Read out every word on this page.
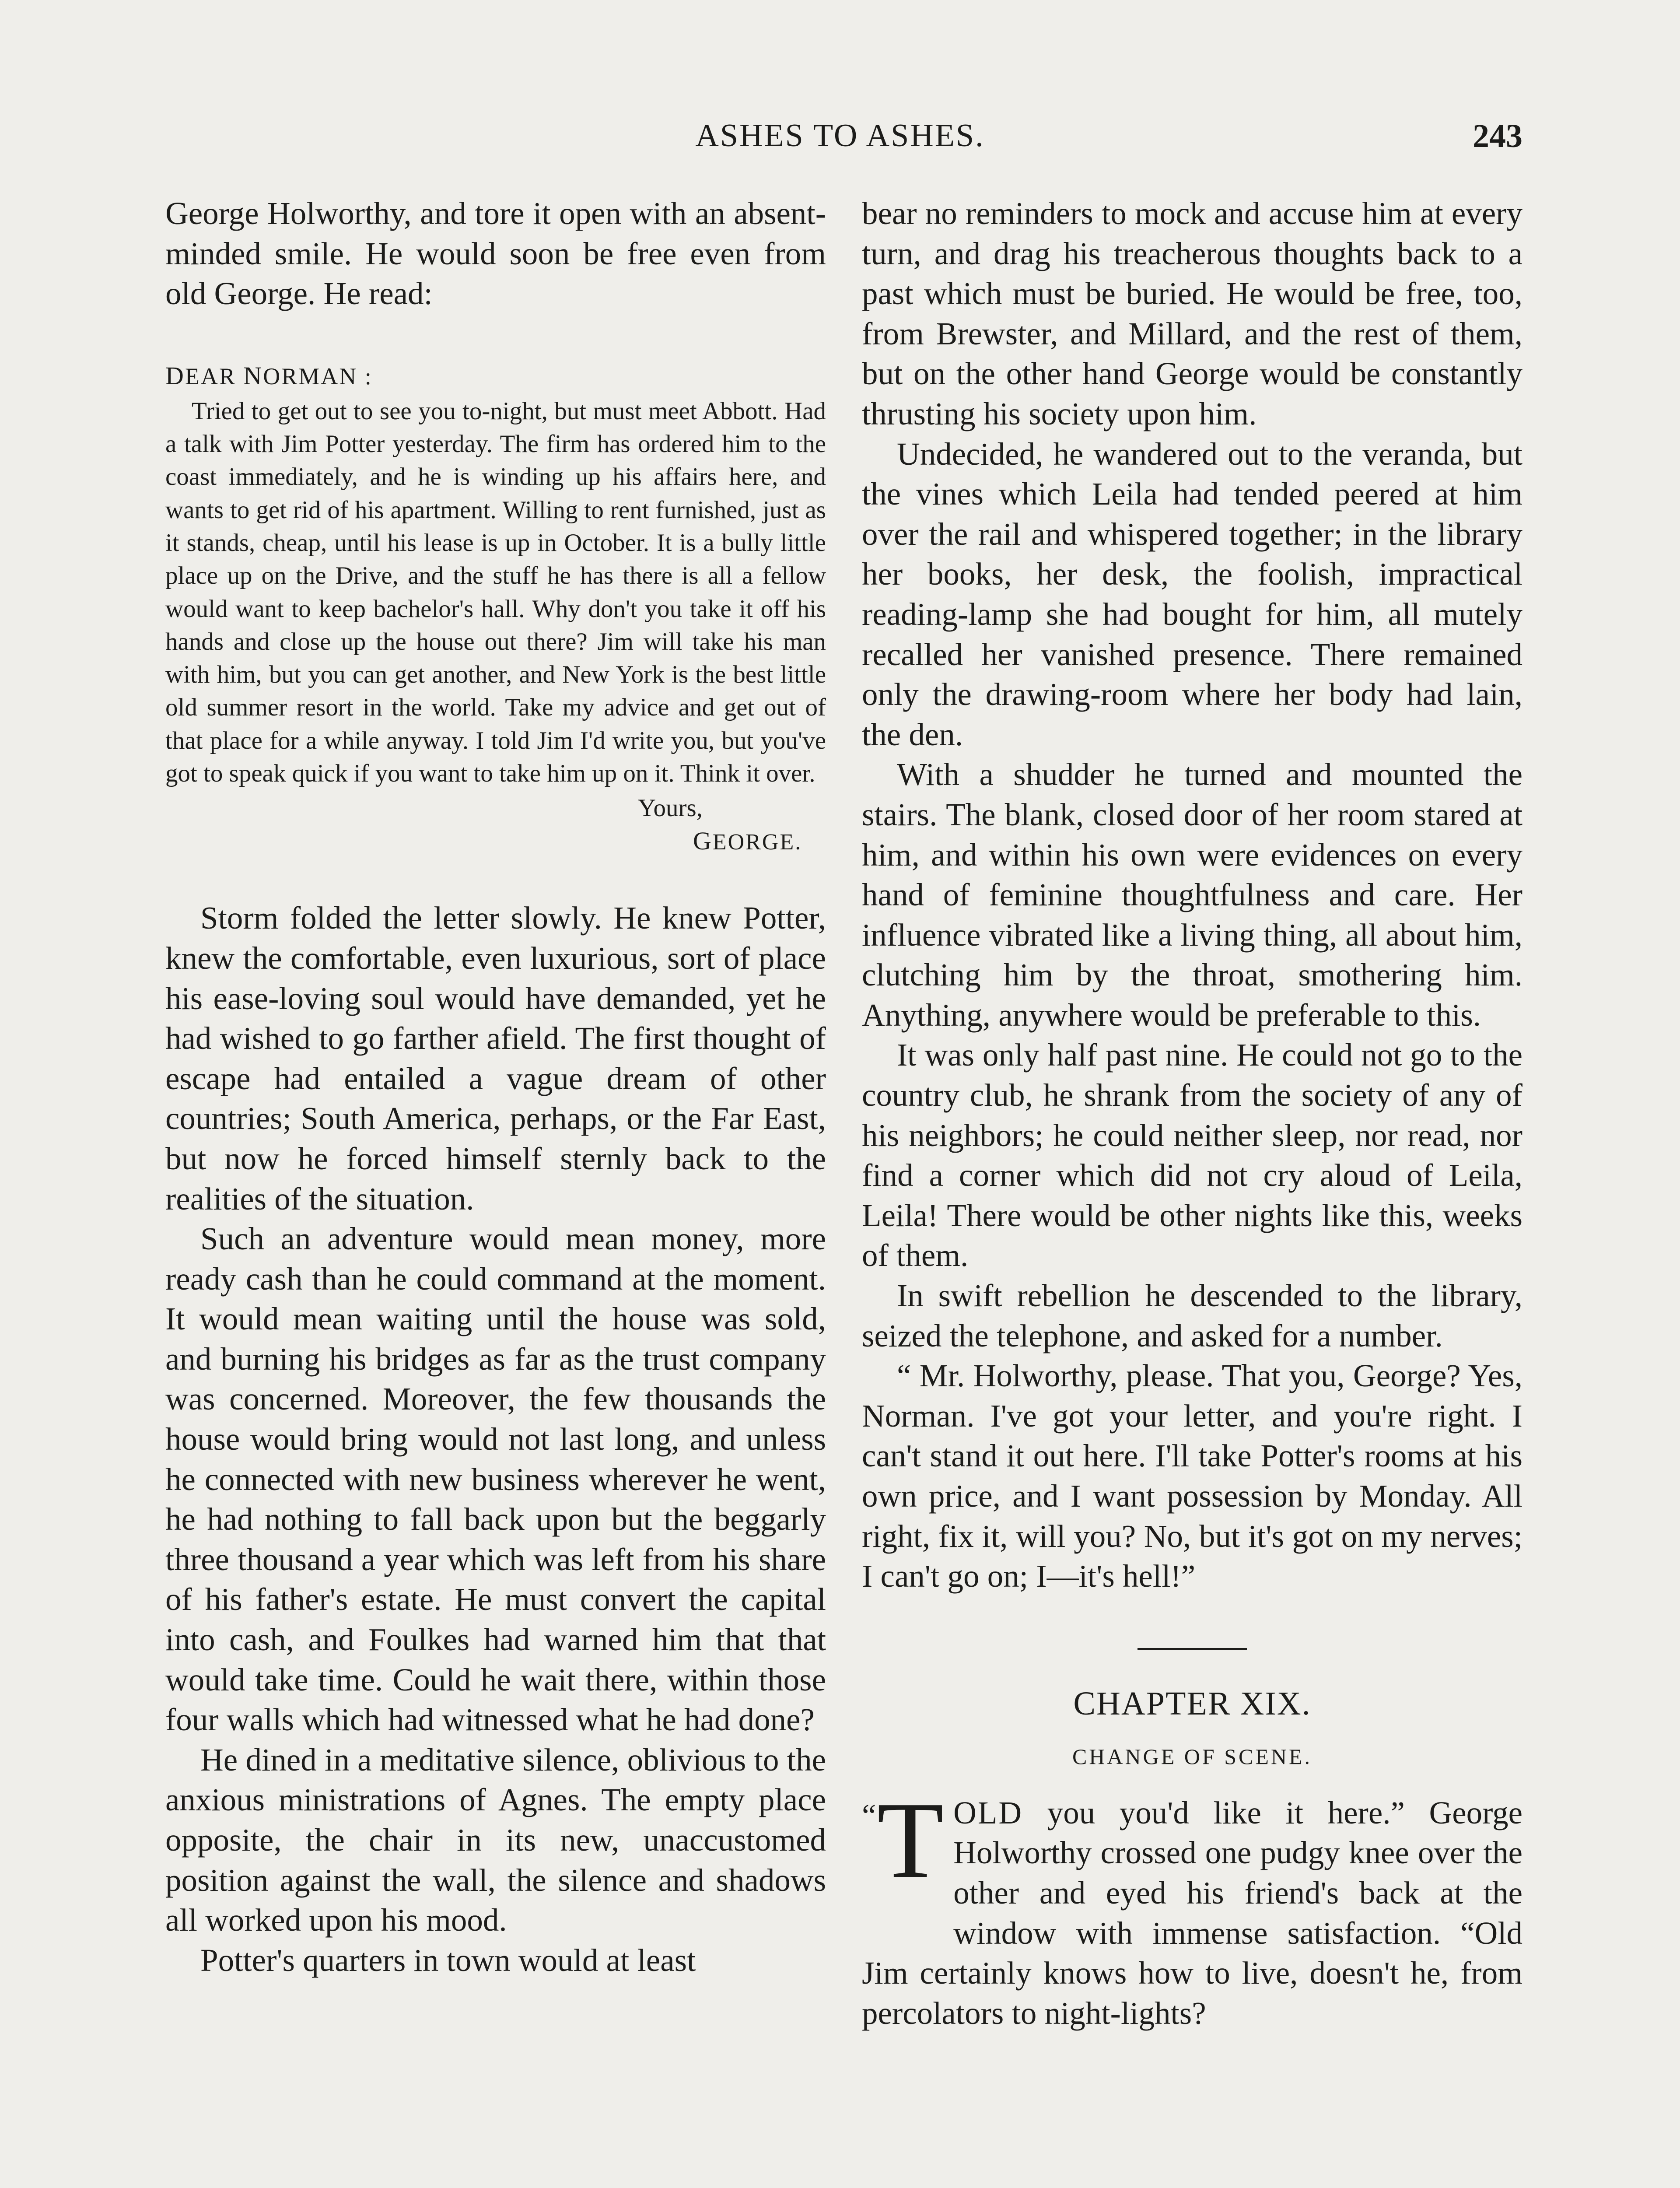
ASHES TO ASHES.	243

George Holworthy, and tore it open with an absent-minded smile. He would soon be free even from old George. He read:

DEAR NORMAN :
Tried to get out to see you to-night, but must meet Abbott. Had a talk with Jim Potter yesterday. The firm has ordered him to the coast immediately, and he is winding up his affairs here, and wants to get rid of his apartment. Willing to rent furnished, just as it stands, cheap, until his lease is up in October. It is a bully little place up on the Drive, and the stuff he has there is all a fellow would want to keep bachelor's hall. Why don't you take it off his hands and close up the house out there? Jim will take his man with him, but you can get another, and New York is the best little old summer resort in the world. Take my advice and get out of that place for a while anyway. I told Jim I'd write you, but you've got to speak quick if you want to take him up on it. Think it over.
Yours,
GEORGE.

Storm folded the letter slowly. He knew Potter, knew the comfortable, even luxurious, sort of place his ease-loving soul would have demanded, yet he had wished to go farther afield. The first thought of escape had entailed a vague dream of other countries; South America, perhaps, or the Far East, but now he forced himself sternly back to the realities of the situation.

Such an adventure would mean money, more ready cash than he could command at the moment. It would mean waiting until the house was sold, and burning his bridges as far as the trust company was concerned. Moreover, the few thousands the house would bring would not last long, and unless he connected with new business wherever he went, he had nothing to fall back upon but the beggarly three thousand a year which was left from his share of his father's estate. He must convert the capital into cash, and Foulkes had warned him that that would take time. Could he wait there, within those four walls which had witnessed what he had done?

He dined in a meditative silence, oblivious to the anxious ministrations of Agnes. The empty place opposite, the chair in its new, unaccustomed position against the wall, the silence and shadows all worked upon his mood.

Potter's quarters in town would at least

bear no reminders to mock and accuse him at every turn, and drag his treacherous thoughts back to a past which must be buried. He would be free, too, from Brewster, and Millard, and the rest of them, but on the other hand George would be constantly thrusting his society upon him.

Undecided, he wandered out to the veranda, but the vines which Leila had tended peered at him over the rail and whispered together; in the library her books, her desk, the foolish, impractical reading-lamp she had bought for him, all mutely recalled her vanished presence. There remained only the drawing-room where her body had lain, the den.

With a shudder he turned and mounted the stairs. The blank, closed door of her room stared at him, and within his own were evidences on every hand of feminine thoughtfulness and care. Her influence vibrated like a living thing, all about him, clutching him by the throat, smothering him. Anything, anywhere would be preferable to this.

It was only half past nine. He could not go to the country club, he shrank from the society of any of his neighbors; he could neither sleep, nor read, nor find a corner which did not cry aloud of Leila, Leila! There would be other nights like this, weeks of them.

In swift rebellion he descended to the library, seized the telephone, and asked for a number.

“ Mr. Holworthy, please. That you, George? Yes, Norman. I've got your letter, and you're right. I can't stand it out here. I'll take Potter's rooms at his own price, and I want possession by Monday. All right, fix it, will you? No, but it's got on my nerves; I can't go on; I—it's hell!”

CHAPTER XIX.
CHANGE OF SCENE.

“ T OLD you you'd like it here.” George Holworthy crossed one pudgy knee over the other and eyed his friend's back at the window with immense satisfaction. “Old Jim certainly knows how to live, doesn't he, from percolators to night-lights?
